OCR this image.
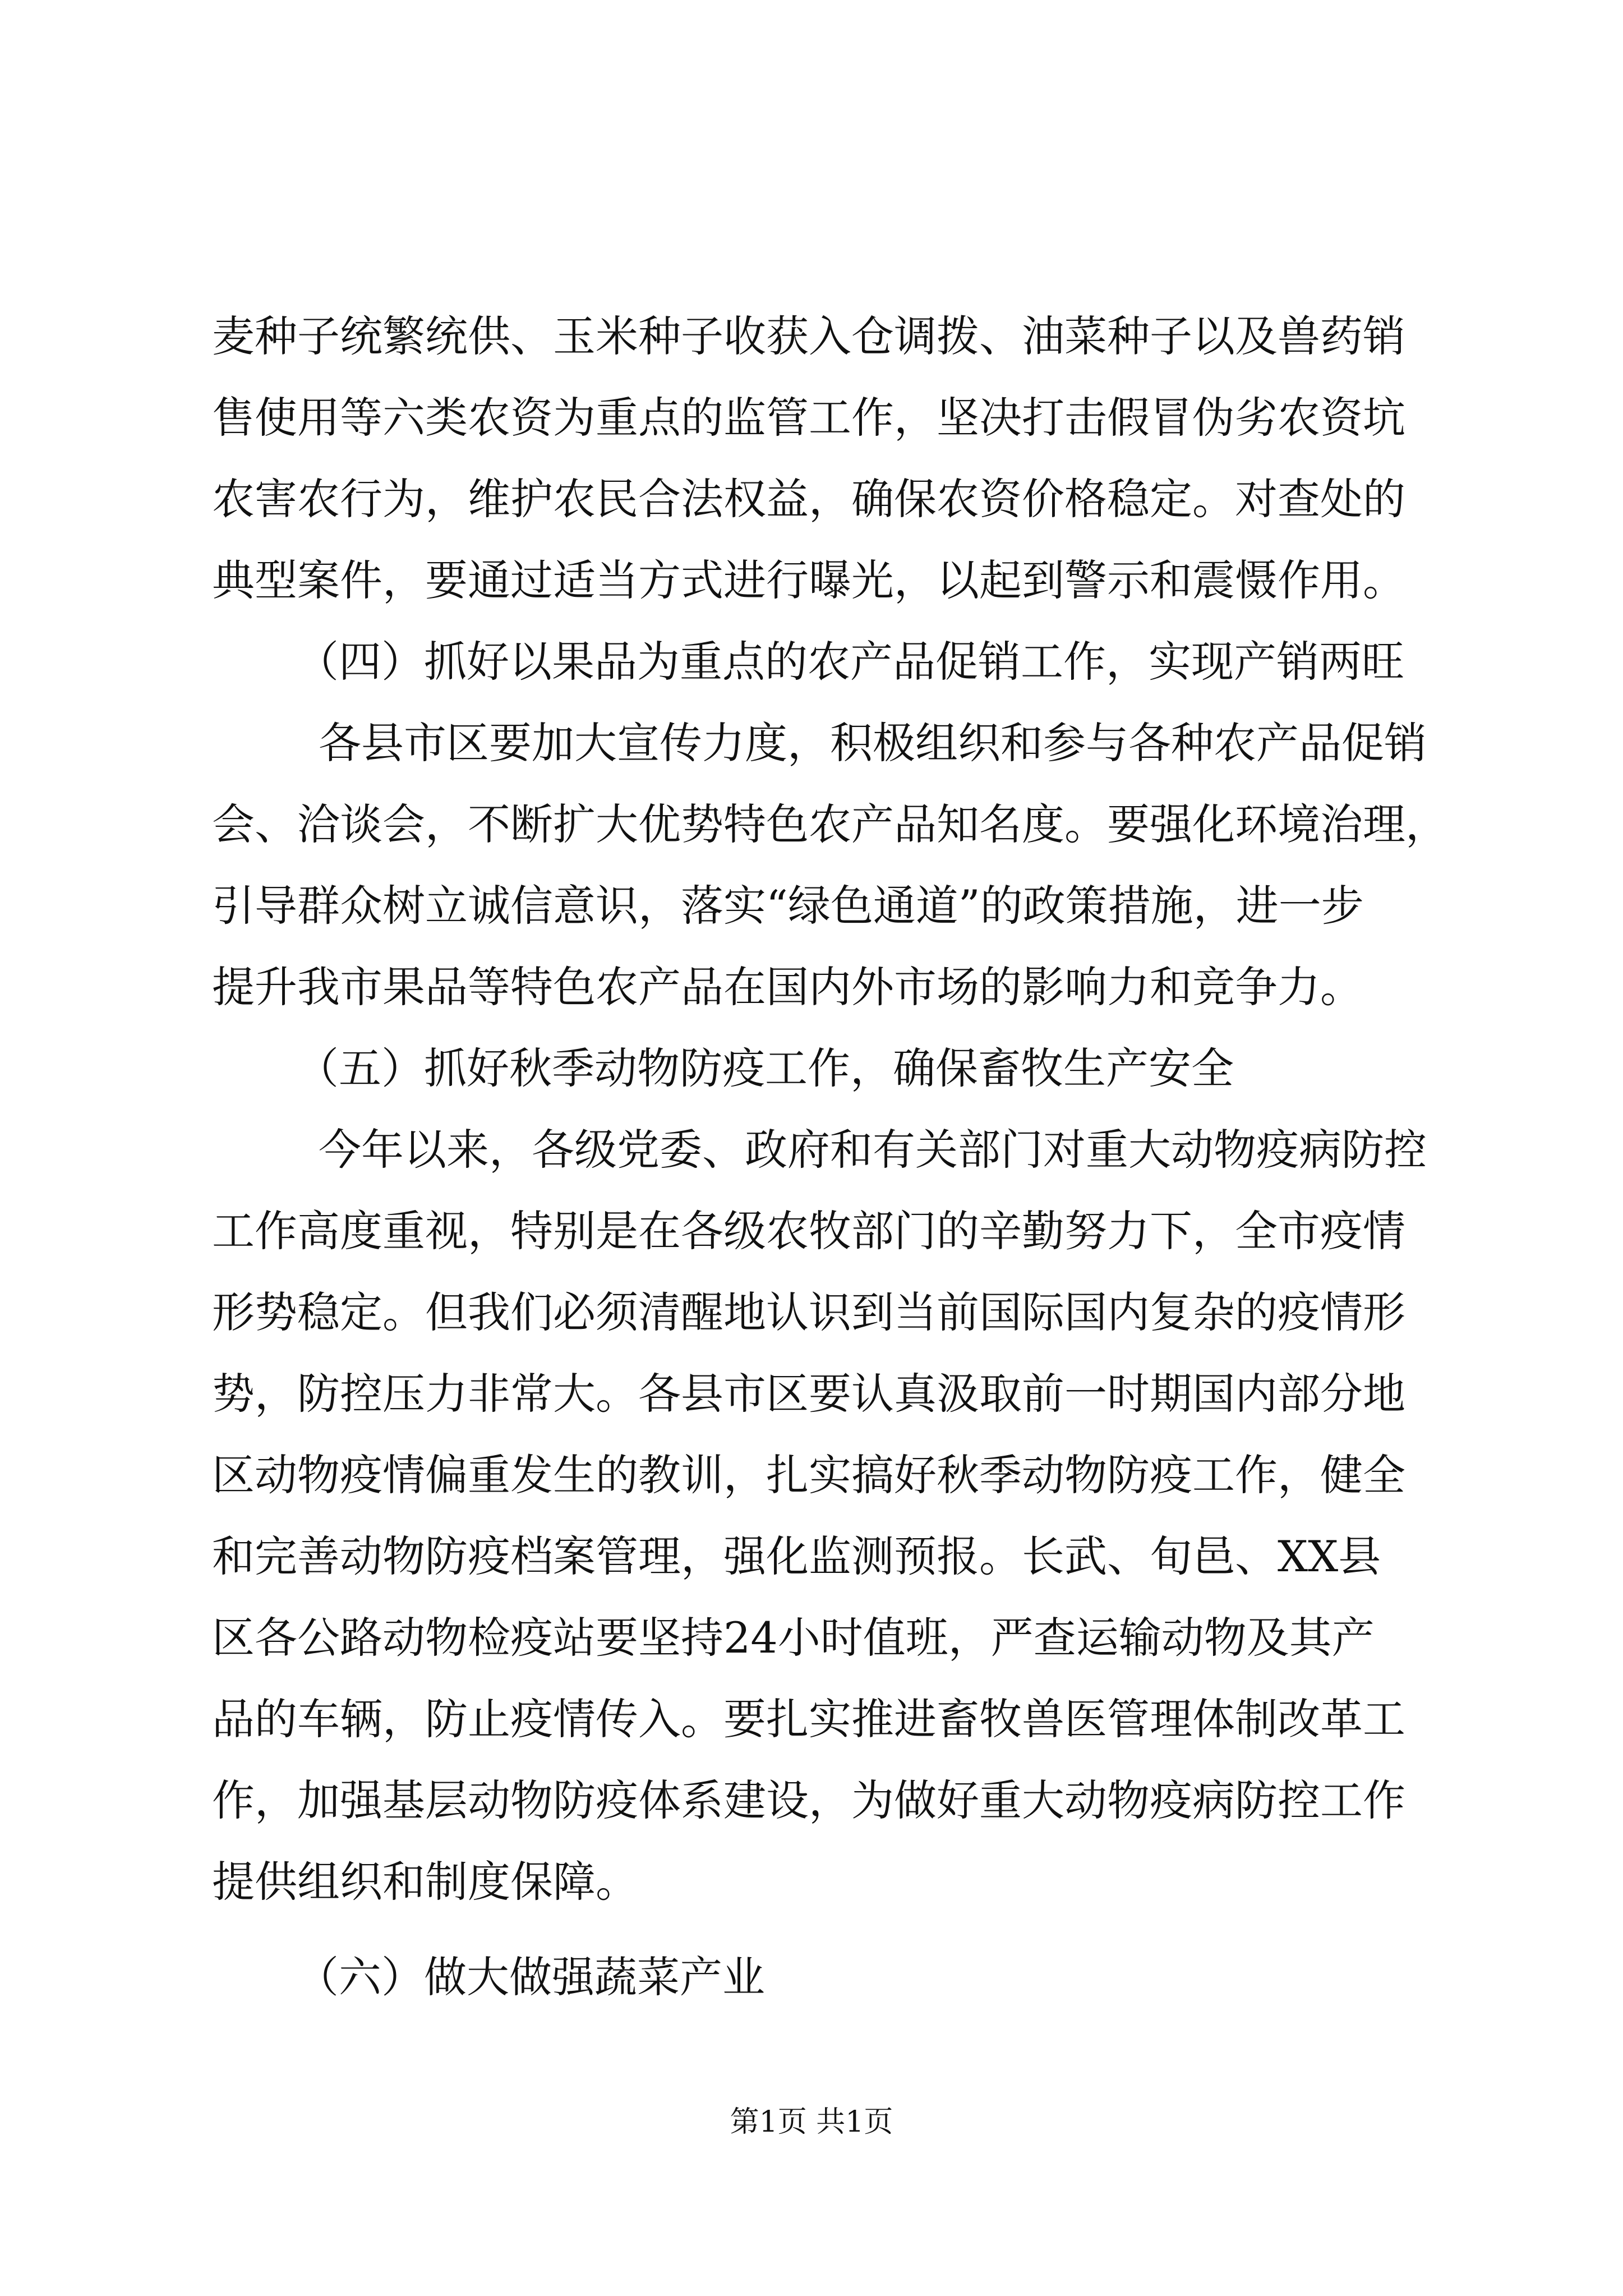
麦种子统繁统供、玉米种子收获入仓调拨、油菜种子以及兽药销

售使用等六类农资为重点的监管工作，坚决打击假冒伪劣农资坑

农害农行为，维护农民合法权益，确保农资价格稳定。对查处的

典型案件，要通过适当方式进行曝光，以起到警示和震慑作用。

（四）抓好以果品为重点的农产品促销工作，实现产销两旺

各县市区要加大宣传力度，积极组织和参与各种农产品促销

会、洽谈会，不断扩大优势特色农产品知名度。要强化环境治理，

引导群众树立诚信意识，落实“绿色通道”的政策措施，进一步

提升我市果品等特色农产品在国内外市场的影响力和竞争力。

（五）抓好秋季动物防疫工作，确保畜牧生产安全

今年以来，各级党委、政府和有关部门对重大动物疫病防控

工作高度重视，特别是在各级农牧部门的辛勤努力下，全市疫情

形势稳定。但我们必须清醒地认识到当前国际国内复杂的疫情形

势，防控压力非常大。各县市区要认真汲取前一时期国内部分地

区动物疫情偏重发生的教训，扎实搞好秋季动物防疫工作，健全

和完善动物防疫档案管理，强化监测预报。长武、旬邑、XX县

区各公路动物检疫站要坚持24小时值班，严查运输动物及其产

品的车辆，防止疫情传入。要扎实推进畜牧兽医管理体制改革工

作，加强基层动物防疫体系建设，为做好重大动物疫病防控工作

提供组织和制度保障。

（六）做大做强蔬菜产业

第1页 共1页
